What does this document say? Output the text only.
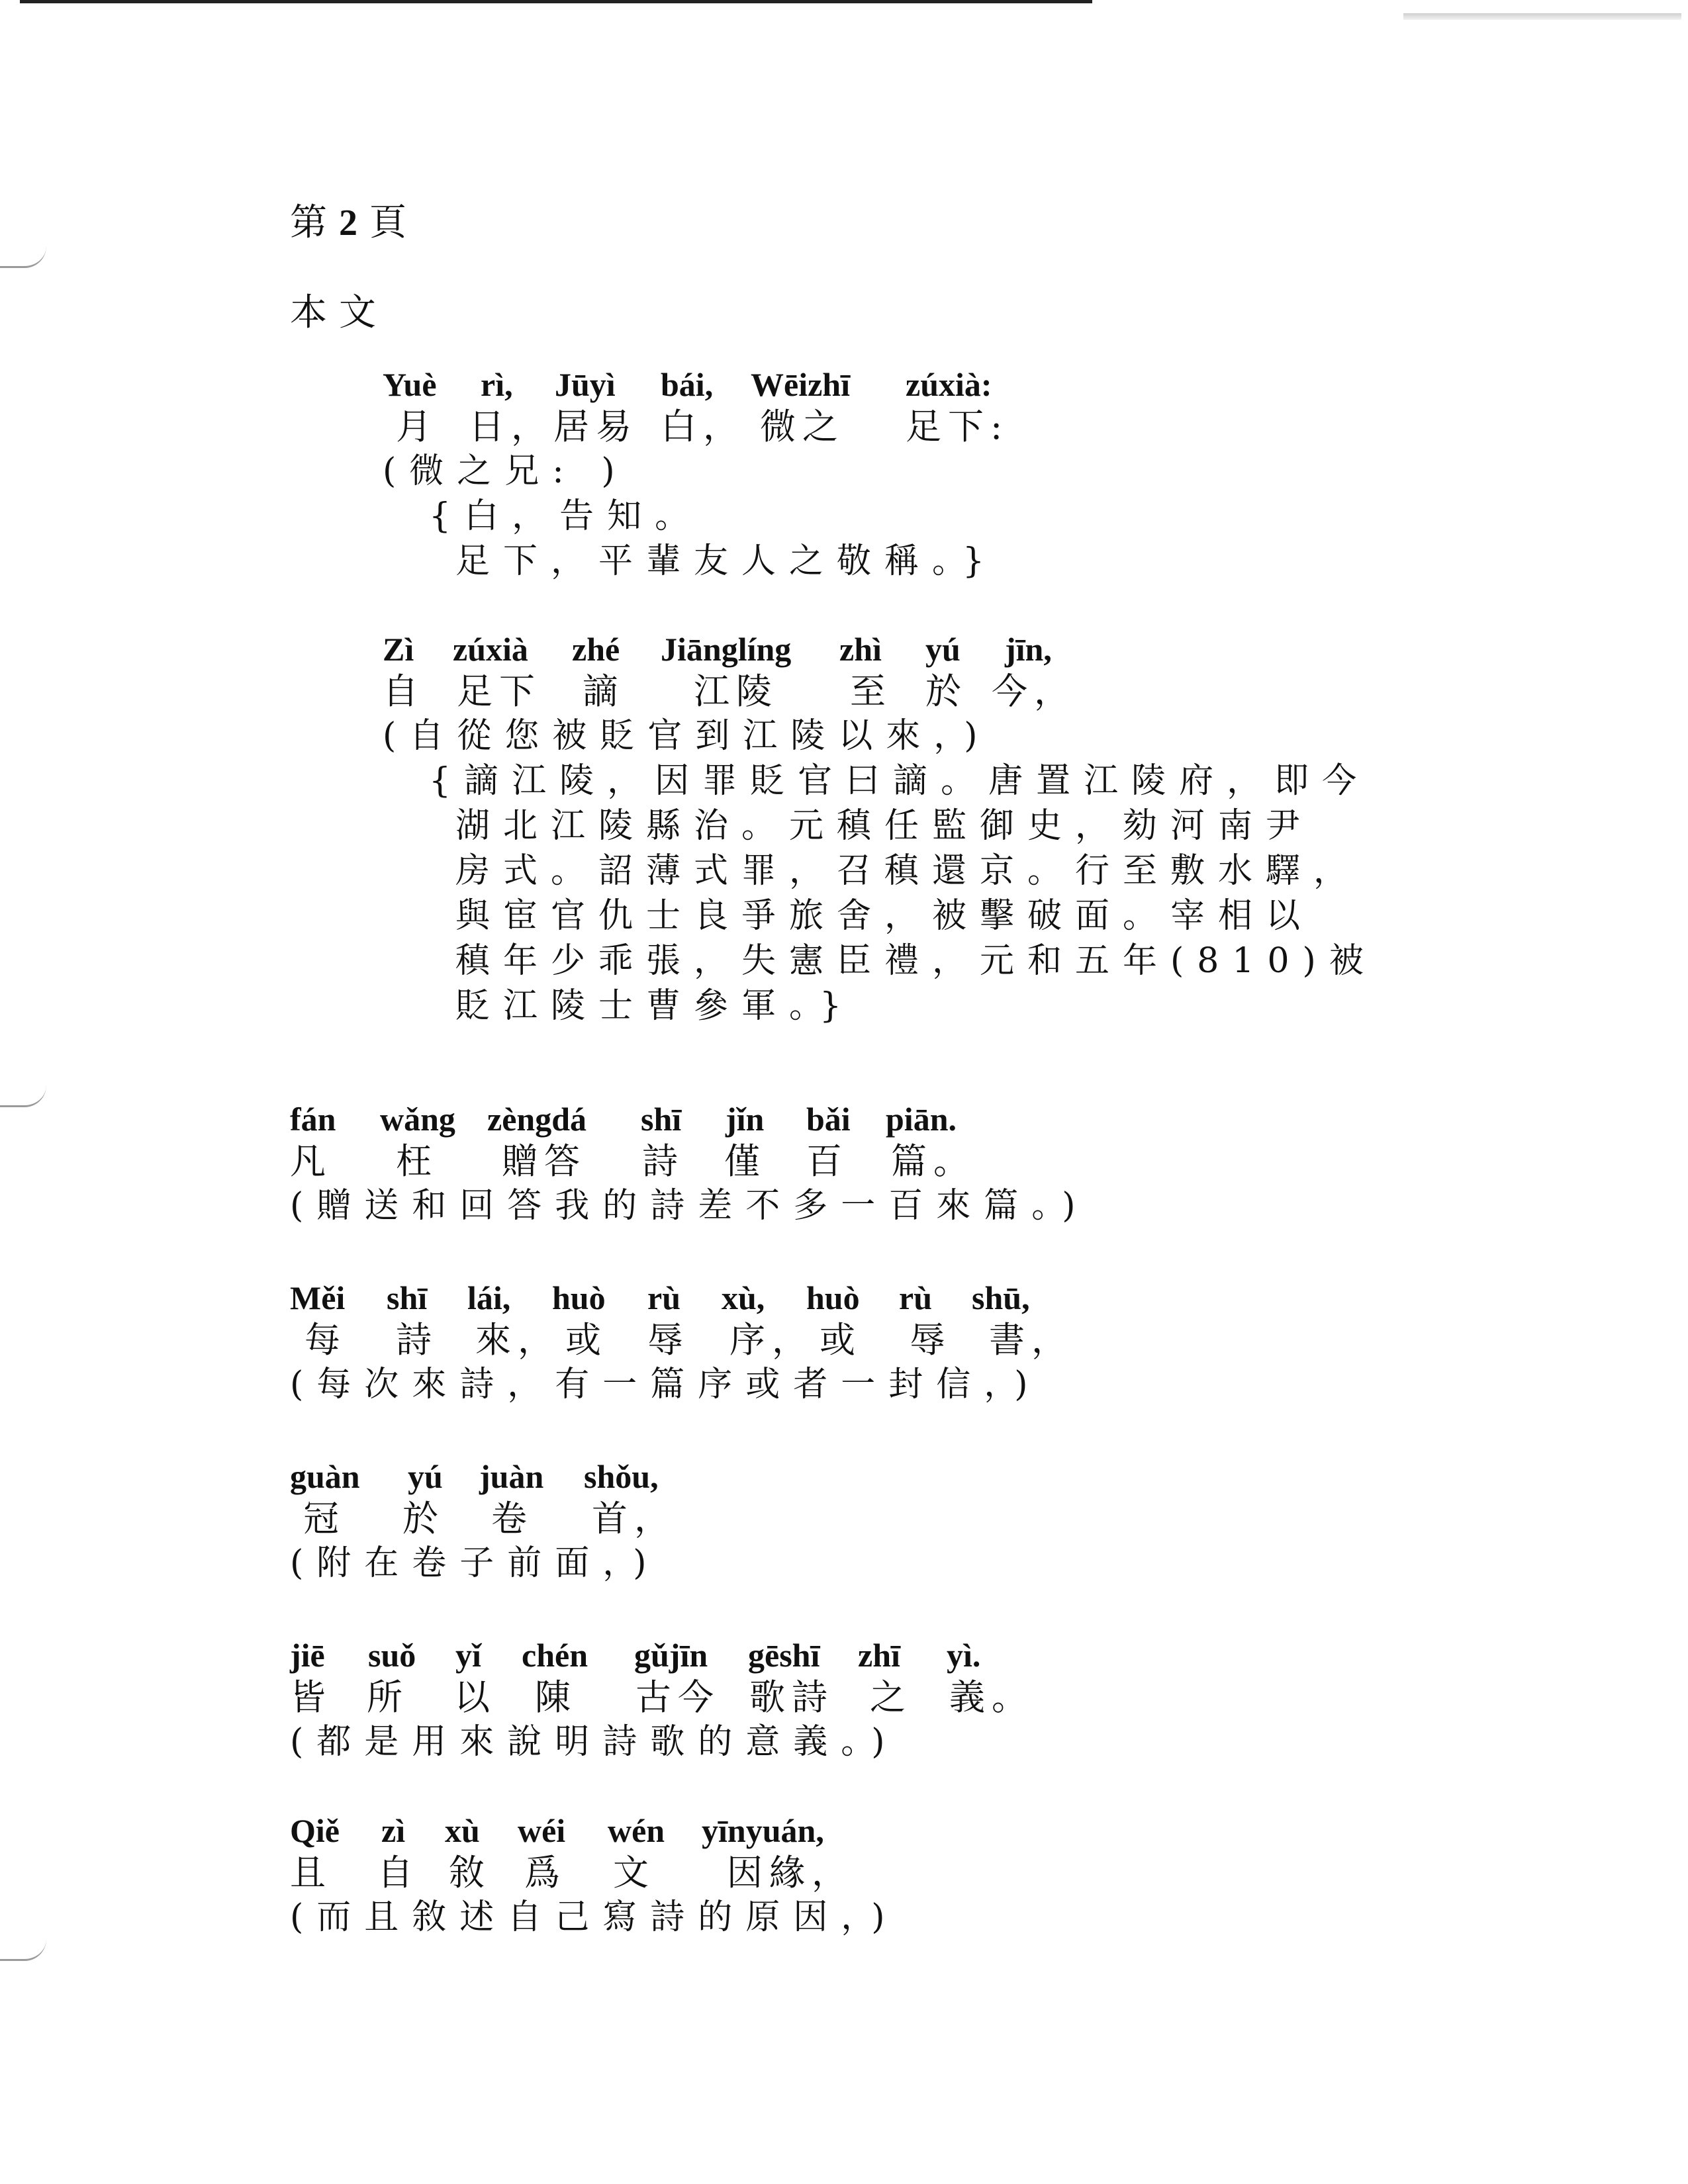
第2頁
本文
Yuè rì, Jūyì bái, Wēizhī zúxià:
月 日，居易 白， 微之 足下:
(微之兄: )
{白，告知。
足下，平輩友人之敬稱。}
Zì zúxià zhé Jiānglíng zhì yú jīn,
自 足下 謫 江陵 至 於 今，
(自從您被貶官到江陵以來，)
{謫江陵，因罪貶官曰謫。唐置江陵府，即今
湖北江陵縣治。元稹任監御史，劾河南尹
房式。詔薄式罪，召稹還京。行至敷水驛，
與宦官仇士良爭旅舍，被擊破面。宰相以
稹年少乖張，失憲臣禮，元和五年(810)被
貶江陵士曹參軍。}
fán wǎng zèngdá shī jǐn bǎi piān.
凡 枉 贈答 詩 僅 百 篇。
(贈送和回答我的詩差不多一百來篇。)
Měi shī lái, huò rù xù, huò rù shū,
每 詩 來， 或 辱 序， 或 辱 書，
(每次來詩，有一篇序或者一封信，)
guàn yú juàn shǒu,
冠 於 卷 首，
(附在卷子前面，)
jiē suǒ yǐ chén gǔjīn gēshī zhī yì.
皆 所 以 陳 古今 歌詩 之 義。
(都是用來說明詩歌的意義。)
Qiě zì xù wéi wén yīnyuán,
且 自 敘 爲 文 因緣，
(而且敘述自己寫詩的原因，)
